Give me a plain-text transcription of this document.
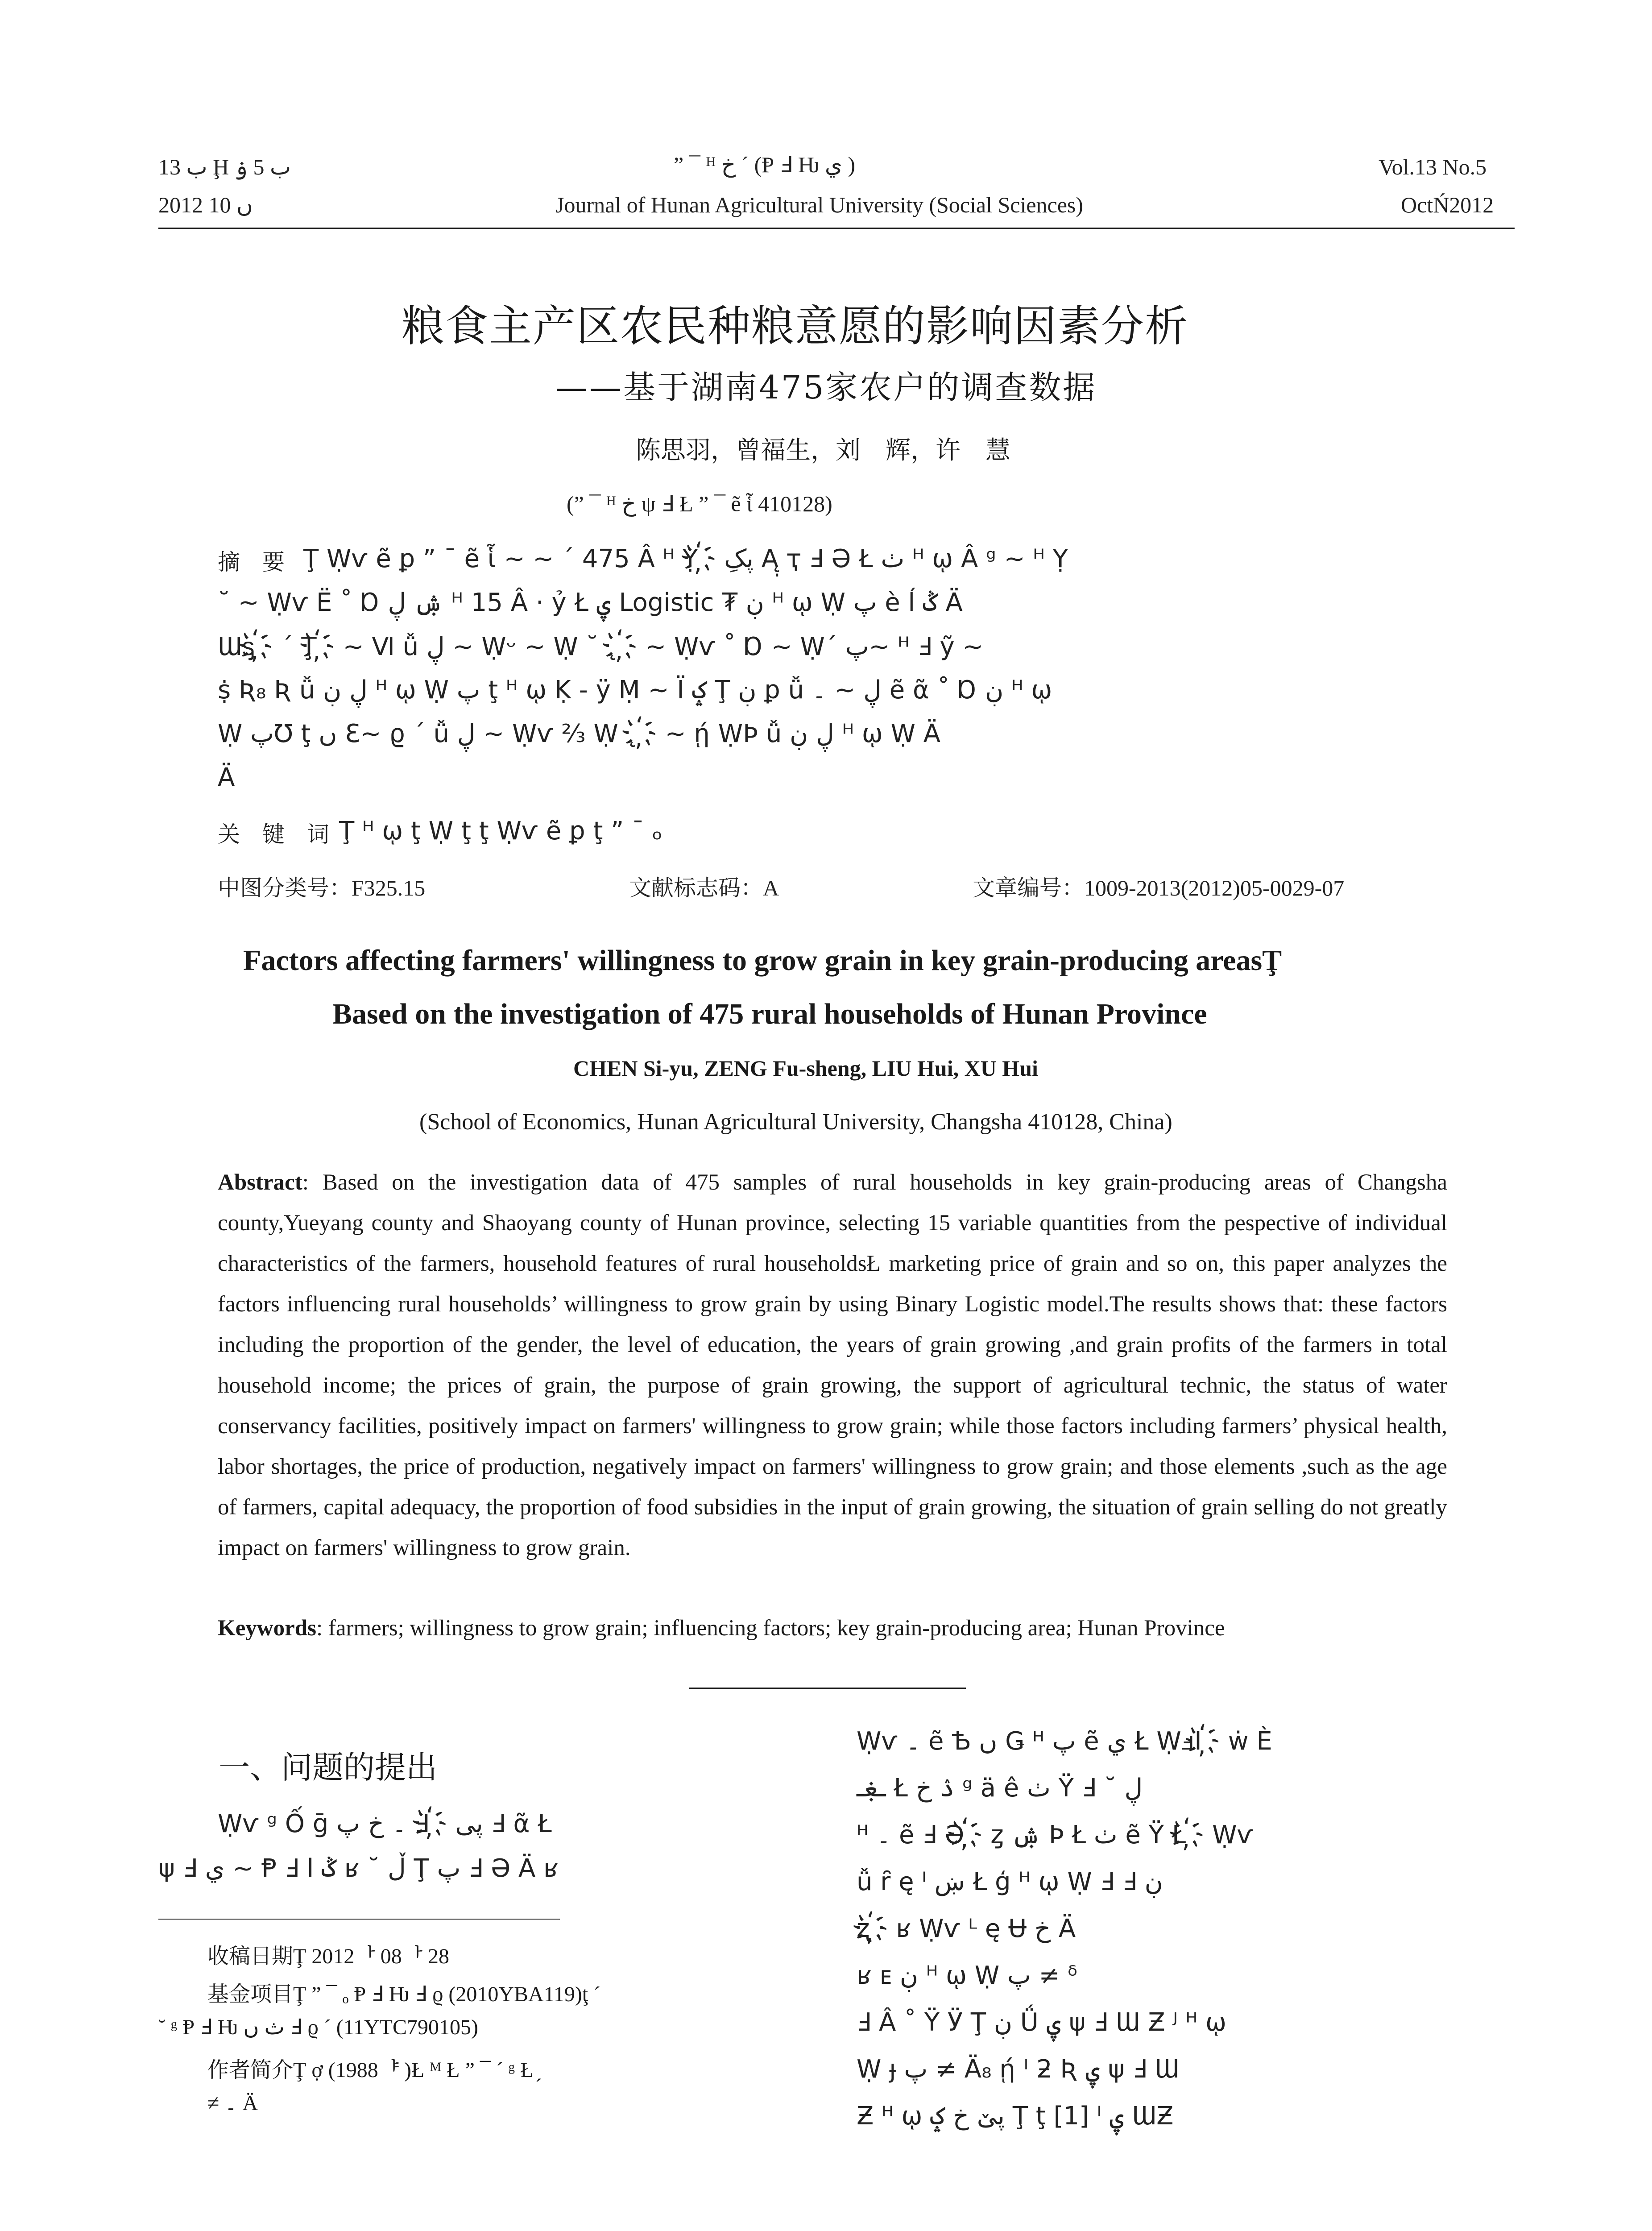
ب 13 Ḩ ب 5 ۏ
2012 ں 10
” ¯ ᴴ خ ´ (Ᵽ Ⅎ Ƕ ي )
Journal of Hunan Agricultural University (Social Sciences)
Vol.13 No.5
OctŃ2012
粮食主产区农民种粮意愿的影响因素分析
——基于湖南475家农户的调查数据
陈思羽，曾福生，刘　辉，许　慧
(” ¯ ᴴ خ ψ Ⅎ Ł ” ¯ ẽ ἷ 410128)
摘　要 Ţ Ẉѵ ẽ ꝑ ” ¯ ẽ ἷ ~ ~ ´ 475 Â ᴴ Ỵ ҉ پکِ Ą̣ ҭ Ⅎ Ə Ł ٺ ᴴ ῳ Â ᵍ ~ ᴴ Ỵ
˘ ~ Ẉѵ Ë ˚ Ɒ ۺ ڸ ᴴ 15 Â · ỷ Ł ۑ Logistic ₮ ڹ ᴴ ῳ Ẉ پ è ĺ ݣ Ä
Ɯᶊ ҉ ´ Ţ ҉ ~ Ⅵ ǚ ڸ ~ Ẉᵕ ~ Ẉ ˘ ˛ ҉ ~ Ẉѵ ˚ Ɒ ~ Ẉ´ پ~ ᴴ Ⅎ ỹ ~
ṩ Ʀ₈ Ʀ ǚ ڸ ڹ ᴴ ῳ Ẉ پ ţ ᴴ ῳ Ḳ - ӱ Ṃ ~ Ї ݤ Ţ ڹ ꝑ ǚ ڸ ~ ۔ ẽ ᾶ ˚ Ɒ ڹ ᴴ ῳ
Ẉ پƱ ţ ں Ɛ~ ϱ ´ ǚ ڸ ~ Ẉѵ ⅔ Ẉ ˛ ҉ ~ ῄ ẈÞ ǚ ڸ ڹ ᴴ ῳ Ẉ Ä
Ä
关　键　词 Ţ ᴴ ῳ ţ Ẉ ţ ţ Ẉѵ ẽ ꝑ ţ ” ¯ ₒ
中图分类号：F325.15	文献标志码：A	文章编号：1009-2013(2012)05-0029-07
Factors affecting farmers' willingness to grow grain in key grain-producing areasŢ
Based on the investigation of 475 rural households of Hunan Province
CHEN Si-yu, ZENG Fu-sheng, LIU Hui, XU Hui
(School of Economics, Hunan Agricultural University, Changsha 410128, China)
Abstract: Based on the investigation data of 475 samples of rural households in key grain-producing areas of Changsha county,Yueyang county and Shaoyang county of Hunan province, selecting 15 variable quantities from the pespective of individual characteristics of the farmers, household features of rural householdsŁ marketing price of grain and so on, this paper analyzes the factors influencing rural households’ willingness to grow grain by using Binary Logistic model.The results shows that: these factors including the proportion of the gender, the level of education, the years of grain growing ,and grain profits of the farmers in total household income; the prices of grain, the purpose of grain growing, the support of agricultural technic, the status of water conservancy facilities, positively impact on farmers' willingness to grow grain; while those factors including farmers’ physical health, labor shortages, the price of production, negatively impact on farmers' willingness to grow grain; and those elements ,such as the age of farmers, capital adequacy, the proportion of food subsidies in the input of grain growing, the situation of grain selling do not greatly impact on farmers' willingness to grow grain.
Keywords: farmers; willingness to grow grain; influencing factors; key grain-producing area; Hunan Province
一、问题的提出
Ẉѵ ᵍ Ố ḡ ۔ خ پ Ⅎ ҉ پی Ⅎ ᾶ Ł
ψ Ⅎ ي ~ Ᵽ Ⅎ ݣ ا ʁ ˘ ڵ Ţ پ Ⅎ Ə Ä ʁ
收稿日期Ţ 2012ᅡ 08ᅡ 28
基金项目Ţ ” ¯ ₒ Ᵽ Ⅎ Ƕ Ⅎ ϱ (2010YBA119)ţ ´
˘ ᵍ Ᵽ Ⅎ Ƕ ث ں Ⅎ ϱ ´ (11YTC790105)
作者简介Ţ ợ (1988ᅣ )Ł ᴹ Ł ” ¯ ´ ᵍ Ł ̗
≠ ۔ Ä
Ẉѵ ۔ ẽ Ѣ ں Ǥ ᴴ پ ẽ ي Ł ẈⅎI ҉ ẇ È
ـۼـ Ł ۮ خ ᵍ ä ê ٺ Ÿ Ⅎ ˘ ڸ
ᴴ ۔ ẽ Ⅎ Ə ҉ ȥ ۺ Þ Ł ٺ ẽ Ÿ Ł ҉ Ẉѵ
ǚ ȓ ę ᴵ ښ Ł ģ ᴴ ῳ Ẉ Ⅎ Ⅎ ڹ
ʐ ҉ ʁ Ẉѵ ᴸ ę Ʉ خ Ä
ʁ ᴇ ڹ ᴴ ῳ Ẉ پ ≠ ᵟ
Ⅎ Â ˚ Ÿ Ӱ Ţ ڹ Ǘ ۑ ψ Ⅎ Ɯ Ƶ ᴶ ᴴ ῳ
Ẉ ɟ پ ≠ Ä₈ ῄ ᴵ ƻ Ʀ ۑ ψ Ⅎ Ɯ
Ƶ ᴴ ῳ پێ خ ݤ Ţ ţ [1] ᴵ ۑ ƜƵ
